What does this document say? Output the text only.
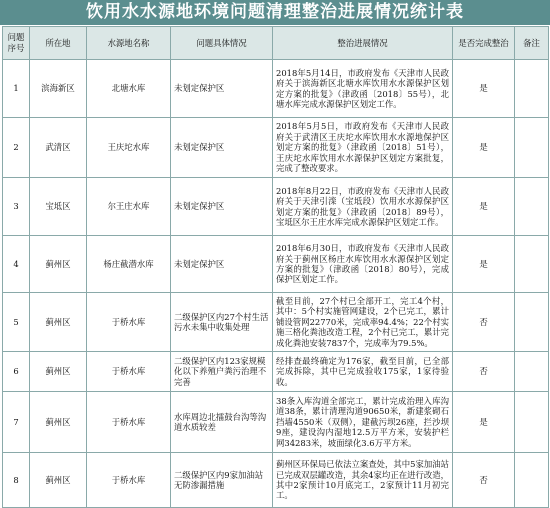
饮用水水源地环境问题清理整治进展情况统计表
问题序号	所在地	水源地名称	问题具体情况	整治进展情况	是否完成整治	备注
1	滨海新区	北塘水库	未划定保护区	2018年5月14日，市政府发布《天津市人民政府关于滨海新区北塘水库饮用水水源保护区划定方案的批复》（津政函〔2018〕55号），北塘水库完成水源保护区划定工作。	是	
2	武清区	王庆坨水库	未划定保护区	2018年5月5日，市政府发布《天津市人民政府关于武清区王庆坨水库饮用水水源地保护区划定方案的批复》（津政函〔2018〕51号），王庆坨水库饮用水水源保护区划定方案批复，完成了整改要求。	是	
3	宝坻区	尔王庄水库	未划定保护区	2018年8月22日，市政府发布《天津市人民政府关于天津引滦（宝坻段）饮用水水源保护区划定方案的批复》（津政函〔2018〕89号），宝坻区尔王庄水库完成水源保护区划定工作。	是	
4	蓟州区	杨庄截潜水库	未划定保护区	2018年6月30日，市政府发布《天津市人民政府关于蓟州区杨庄水库饮用水水源保护区划定方案的批复》（津政函〔2018〕80号），完成保护区划定工作。	是	
5	蓟州区	于桥水库	二级保护区内27个村生活污水未集中收集处理	截至目前，27个村已全部开工，完工4个村，其中：5个村实施管网建设，2个已完工，累计铺设管网22770米，完成率94.4%；22个村实施三格化粪池改造工程，2个村已完工，累计完成化粪池安装7837个，完成率为79.5%。	否	
6	蓟州区	于桥水库	二级保护区内123家规模化以下养殖户粪污治理不完善	经排查最终确定为176家，截至目前，已全部完成拆除，其中已完成验收175家，1家待验收。	否	
7	蓟州区	于桥水库	水库周边北擂鼓台沟等沟道水质较差	38条入库沟道全部完工，累计完成治理入库沟道38条，累计清理沟道90650米，新建浆砌石挡墙4550米（双侧），建截污坝26座，拦沙坝9座，建设沟内湿地12.5万平方米，安装护栏网34283米，坡面绿化3.6万平方米。	是	
8	蓟州区	于桥水库	二级保护区内9家加油站无防渗漏措施	蓟州区环保局已依法立案查处，其中5家加油站已完成双层罐改造，其余4家均正在进行改造，其中2家预计10月底完工，2家预计11月初完工。	否	
